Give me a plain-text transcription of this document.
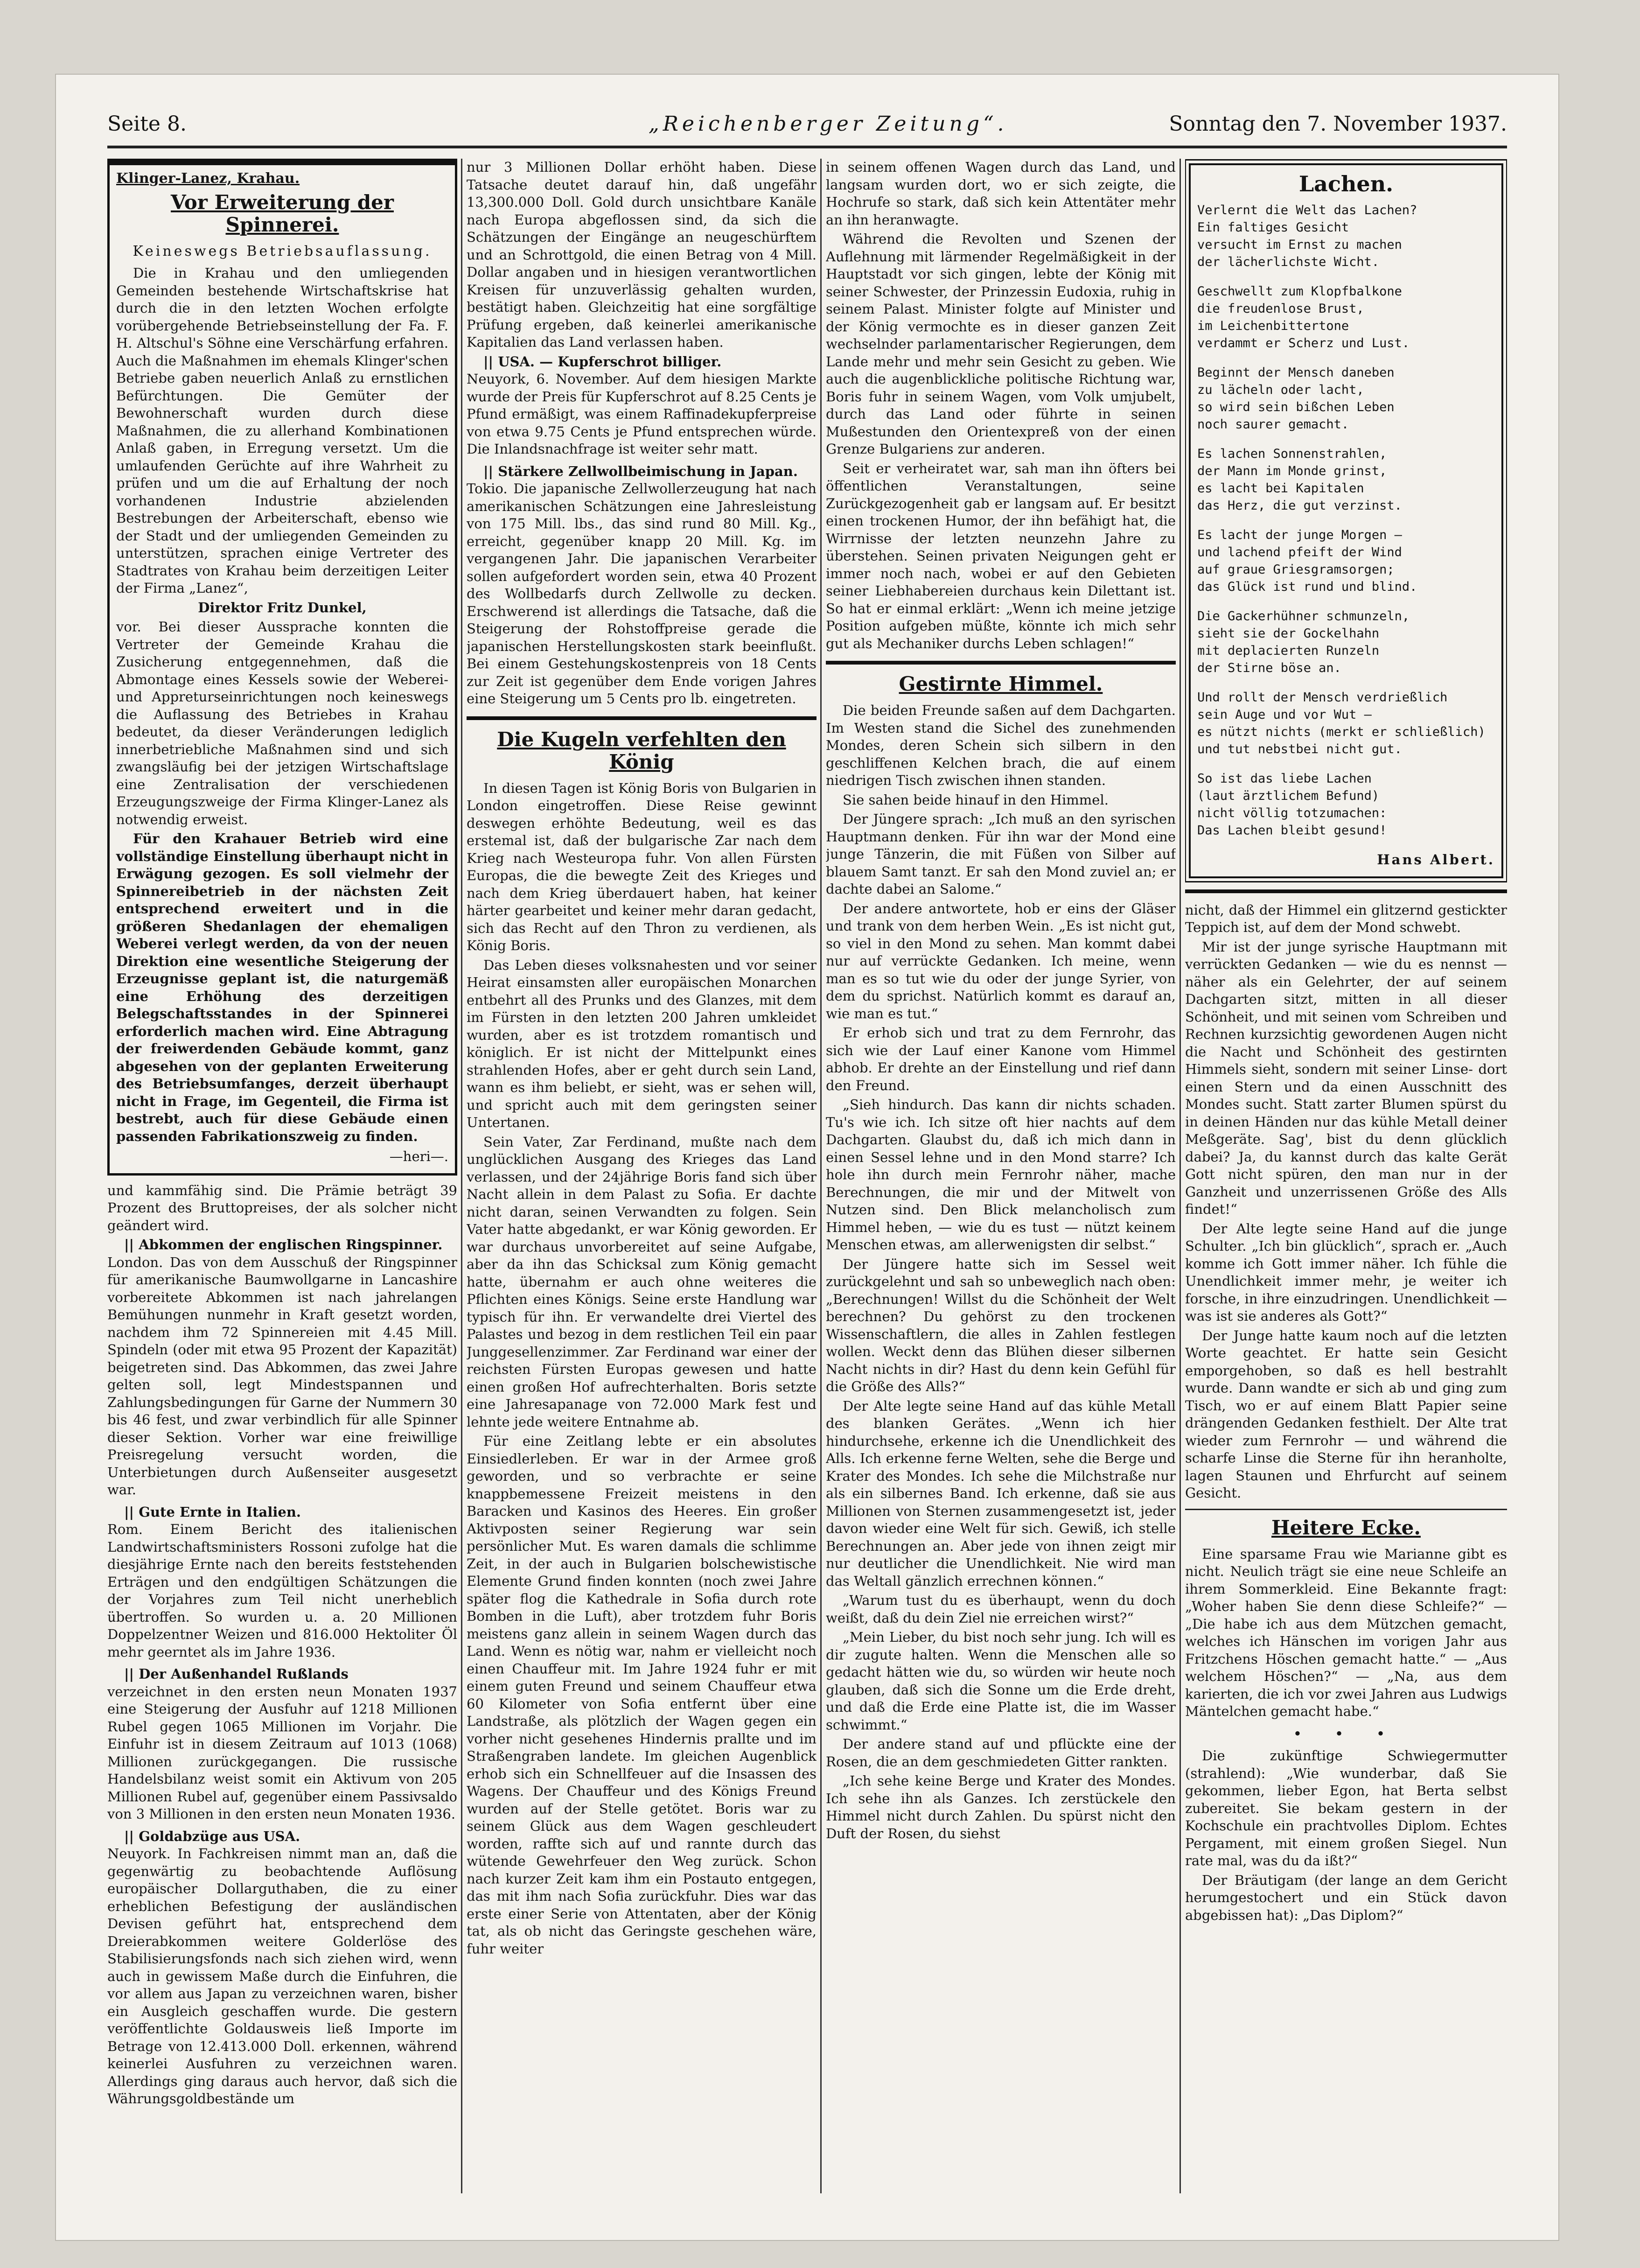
Seite 8.	„Reichenberger Zeitung“.	Sonntag den 7. November 1937.
Klinger-Lanez, Krahau.
Vor Erweiterung der Spinnerei.
Keineswegs Betriebsauflassung.

Die in Krahau und den umliegenden Gemeinden bestehende Wirtschaftskrise hat durch die in den letzten Wochen erfolgte vorübergehende Betriebseinstellung der Fa. F. H. Altschul's Söhne eine Verschärfung erfahren. Auch die Maßnahmen im ehemals Klinger'schen Betriebe gaben neuerlich Anlaß zu ernstlichen Befürchtungen. Die Gemüter der Bewohnerschaft wurden durch diese Maßnahmen, die zu allerhand Kombinationen Anlaß gaben, in Erregung versetzt. Um die umlaufenden Gerüchte auf ihre Wahrheit zu prüfen und um die auf Erhaltung der noch vorhandenen Industrie abzielenden Bestrebungen der Arbeiterschaft, ebenso wie der Stadt und der umliegenden Gemeinden zu unterstützen, sprachen einige Vertreter des Stadtrates von Krahau beim derzeitigen Leiter der Firma „Lanez“,

Direktor Fritz Dunkel,

vor. Bei dieser Aussprache konnten die Vertreter der Gemeinde Krahau die Zusicherung entgegennehmen, daß die Abmontage eines Kessels sowie der Weberei- und Appreturseinrichtungen noch keineswegs die Auflassung des Betriebes in Krahau bedeutet, da dieser Veränderungen lediglich innerbetriebliche Maßnahmen sind und sich zwangsläufig bei der jetzigen Wirtschaftslage eine Zentralisation der verschiedenen Erzeugungszweige der Firma Klinger-Lanez als notwendig erweist.

Für den Krahauer Betrieb wird eine vollständige Einstellung überhaupt nicht in Erwägung gezogen. Es soll vielmehr der Spinnereibetrieb in der nächsten Zeit entsprechend erweitert und in die größeren Shedanlagen der ehemaligen Weberei verlegt werden, da von der neuen Direktion eine wesentliche Steigerung der Erzeugnisse geplant ist, die naturgemäß eine Erhöhung des derzeitigen Belegschaftsstandes in der Spinnerei erforderlich machen wird. Eine Abtragung der freiwerdenden Gebäude kommt, ganz abgesehen von der geplanten Erweiterung des Betriebsumfanges, derzeit überhaupt nicht in Frage, im Gegenteil, die Firma ist bestrebt, auch für diese Gebäude einen passenden Fabrikationszweig zu finden.

—heri—.

und kammfähig sind. Die Prämie beträgt 39 Prozent des Bruttopreises, der als solcher nicht geändert wird.

|| Abkommen der englischen Ringspinner.
London. Das von dem Ausschuß der Ringspinner für amerikanische Baumwollgarne in Lancashire vorbereitete Abkommen ist nach jahrelangen Bemühungen nunmehr in Kraft gesetzt worden, nachdem ihm 72 Spinnereien mit 4.45 Mill. Spindeln (oder mit etwa 95 Prozent der Kapazität) beigetreten sind. Das Abkommen, das zwei Jahre gelten soll, legt Mindestspannen und Zahlungsbedingungen für Garne der Nummern 30 bis 46 fest, und zwar verbindlich für alle Spinner dieser Sektion. Vorher war eine freiwillige Preisregelung versucht worden, die Unterbietungen durch Außenseiter ausgesetzt war.
|| Gute Ernte in Italien.
Rom. Einem Bericht des italienischen Landwirtschaftsministers Rossoni zufolge hat die diesjährige Ernte nach den bereits feststehenden Erträgen und den endgültigen Schätzungen die der Vorjahres zum Teil nicht unerheblich übertroffen. So wurden u. a. 20 Millionen Doppelzentner Weizen und 816.000 Hektoliter Öl mehr geerntet als im Jahre 1936.
|| Der Außenhandel Rußlands
verzeichnet in den ersten neun Monaten 1937 eine Steigerung der Ausfuhr auf 1218 Millionen Rubel gegen 1065 Millionen im Vorjahr. Die Einfuhr ist in diesem Zeitraum auf 1013 (1068) Millionen zurückgegangen. Die russische Handelsbilanz weist somit ein Aktivum von 205 Millionen Rubel auf, gegenüber einem Passivsaldo von 3 Millionen in den ersten neun Monaten 1936.
|| Goldabzüge aus USA.
Neuyork. In Fachkreisen nimmt man an, daß die gegenwärtig zu beobachtende Auflösung europäischer Dollarguthaben, die zu einer erheblichen Befestigung der ausländischen Devisen geführt hat, entsprechend dem Dreierabkommen weitere Golderlöse des Stabilisierungsfonds nach sich ziehen wird, wenn auch in gewissem Maße durch die Einfuhren, die vor allem aus Japan zu verzeichnen waren, bisher ein Ausgleich geschaffen wurde. Die gestern veröffentlichte Goldausweis ließ Importe im Betrage von 12.413.000 Doll. erkennen, während keinerlei Ausfuhren zu verzeichnen waren. Allerdings ging daraus auch hervor, daß sich die Währungsgoldbestände um

nur 3 Millionen Dollar erhöht haben. Diese Tatsache deutet darauf hin, daß ungefähr 13,300.000 Doll. Gold durch unsichtbare Kanäle nach Europa abgeflossen sind, da sich die Schätzungen der Eingänge an neugeschürftem und an Schrottgold, die einen Betrag von 4 Mill. Dollar angaben und in hiesigen verantwortlichen Kreisen für unzuverlässig gehalten wurden, bestätigt haben. Gleichzeitig hat eine sorgfältige Prüfung ergeben, daß keinerlei amerikanische Kapitalien das Land verlassen haben.

|| USA. — Kupferschrot billiger.
Neuyork, 6. November. Auf dem hiesigen Markte wurde der Preis für Kupferschrot auf 8.25 Cents je Pfund ermäßigt, was einem Raffinadekupferpreise von etwa 9.75 Cents je Pfund entsprechen würde. Die Inlandsnachfrage ist weiter sehr matt.
|| Stärkere Zellwollbeimischung in Japan.
Tokio. Die japanische Zellwollerzeugung hat nach amerikanischen Schätzungen eine Jahresleistung von 175 Mill. lbs., das sind rund 80 Mill. Kg., erreicht, gegenüber knapp 20 Mill. Kg. im vergangenen Jahr. Die japanischen Verarbeiter sollen aufgefordert worden sein, etwa 40 Prozent des Wollbedarfs durch Zellwolle zu decken. Erschwerend ist allerdings die Tatsache, daß die Steigerung der Rohstoffpreise gerade die japanischen Herstellungskosten stark beeinflußt. Bei einem Gestehungskostenpreis von 18 Cents zur Zeit ist gegenüber dem Ende vorigen Jahres eine Steigerung um 5 Cents pro lb. eingetreten.
Die Kugeln verfehlten den König

In diesen Tagen ist König Boris von Bulgarien in London eingetroffen. Diese Reise gewinnt deswegen erhöhte Bedeutung, weil es das erstemal ist, daß der bulgarische Zar nach dem Krieg nach Westeuropa fuhr. Von allen Fürsten Europas, die die bewegte Zeit des Krieges und nach dem Krieg überdauert haben, hat keiner härter gearbeitet und keiner mehr daran gedacht, sich das Recht auf den Thron zu verdienen, als König Boris.

Das Leben dieses volksnahesten und vor seiner Heirat einsamsten aller europäischen Monarchen entbehrt all des Prunks und des Glanzes, mit dem im Fürsten in den letzten 200 Jahren umkleidet wurden, aber es ist trotzdem romantisch und königlich. Er ist nicht der Mittelpunkt eines strahlenden Hofes, aber er geht durch sein Land, wann es ihm beliebt, er sieht, was er sehen will, und spricht auch mit dem geringsten seiner Untertanen.

Sein Vater, Zar Ferdinand, mußte nach dem unglücklichen Ausgang des Krieges das Land verlassen, und der 24jährige Boris fand sich über Nacht allein in dem Palast zu Sofia. Er dachte nicht daran, seinen Verwandten zu folgen. Sein Vater hatte abgedankt, er war König geworden. Er war durchaus unvorbereitet auf seine Aufgabe, aber da ihn das Schicksal zum König gemacht hatte, übernahm er auch ohne weiteres die Pflichten eines Königs. Seine erste Handlung war typisch für ihn. Er verwandelte drei Viertel des Palastes und bezog in dem restlichen Teil ein paar Junggesellenzimmer. Zar Ferdinand war einer der reichsten Fürsten Europas gewesen und hatte einen großen Hof aufrechterhalten. Boris setzte eine Jahresapanage von 72.000 Mark fest und lehnte jede weitere Entnahme ab.

Für eine Zeitlang lebte er ein absolutes Einsiedlerleben. Er war in der Armee groß geworden, und so verbrachte er seine knappbemessene Freizeit meistens in den Baracken und Kasinos des Heeres. Ein großer Aktivposten seiner Regierung war sein persönlicher Mut. Es waren damals die schlimme Zeit, in der auch in Bulgarien bolschewistische Elemente Grund finden konnten (noch zwei Jahre später flog die Kathedrale in Sofia durch rote Bomben in die Luft), aber trotzdem fuhr Boris meistens ganz allein in seinem Wagen durch das Land. Wenn es nötig war, nahm er vielleicht noch einen Chauffeur mit. Im Jahre 1924 fuhr er mit einem guten Freund und seinem Chauffeur etwa 60 Kilometer von Sofia entfernt über eine Landstraße, als plötzlich der Wagen gegen ein vorher nicht gesehenes Hindernis prallte und im Straßengraben landete. Im gleichen Augenblick erhob sich ein Schnellfeuer auf die Insassen des Wagens. Der Chauffeur und des Königs Freund wurden auf der Stelle getötet. Boris war zu seinem Glück aus dem Wagen geschleudert worden, raffte sich auf und rannte durch das wütende Gewehrfeuer den Weg zurück. Schon nach kurzer Zeit kam ihm ein Postauto entgegen, das mit ihm nach Sofia zurückfuhr. Dies war das erste einer Serie von Attentaten, aber der König tat, als ob nicht das Geringste geschehen wäre, fuhr weiter

in seinem offenen Wagen durch das Land, und langsam wurden dort, wo er sich zeigte, die Hochrufe so stark, daß sich kein Attentäter mehr an ihn heranwagte.

Während die Revolten und Szenen der Auflehnung mit lärmender Regelmäßigkeit in der Hauptstadt vor sich gingen, lebte der König mit seiner Schwester, der Prinzessin Eudoxia, ruhig in seinem Palast. Minister folgte auf Minister und der König vermochte es in dieser ganzen Zeit wechselnder parlamentarischer Regierungen, dem Lande mehr und mehr sein Gesicht zu geben. Wie auch die augenblickliche politische Richtung war, Boris fuhr in seinem Wagen, vom Volk umjubelt, durch das Land oder führte in seinen Mußestunden den Orientexpreß von der einen Grenze Bulgariens zur anderen.

Seit er verheiratet war, sah man ihn öfters bei öffentlichen Veranstaltungen, seine Zurückgezogenheit gab er langsam auf. Er besitzt einen trockenen Humor, der ihn befähigt hat, die Wirrnisse der letzten neunzehn Jahre zu überstehen. Seinen privaten Neigungen geht er immer noch nach, wobei er auf den Gebieten seiner Liebhabereien durchaus kein Dilettant ist. So hat er einmal erklärt: „Wenn ich meine jetzige Position aufgeben müßte, könnte ich mich sehr gut als Mechaniker durchs Leben schlagen!“

Gestirnte Himmel.

Die beiden Freunde saßen auf dem Dachgarten. Im Westen stand die Sichel des zunehmenden Mondes, deren Schein sich silbern in den geschliffenen Kelchen brach, die auf einem niedrigen Tisch zwischen ihnen standen.

Sie sahen beide hinauf in den Himmel.

Der Jüngere sprach: „Ich muß an den syrischen Hauptmann denken. Für ihn war der Mond eine junge Tänzerin, die mit Füßen von Silber auf blauem Samt tanzt. Er sah den Mond zuviel an; er dachte dabei an Salome.“

Der andere antwortete, hob er eins der Gläser und trank von dem herben Wein. „Es ist nicht gut, so viel in den Mond zu sehen. Man kommt dabei nur auf verrückte Gedanken. Ich meine, wenn man es so tut wie du oder der junge Syrier, von dem du sprichst. Natürlich kommt es darauf an, wie man es tut.“

Er erhob sich und trat zu dem Fernrohr, das sich wie der Lauf einer Kanone vom Himmel abhob. Er drehte an der Einstellung und rief dann den Freund.

„Sieh hindurch. Das kann dir nichts schaden. Tu's wie ich. Ich sitze oft hier nachts auf dem Dachgarten. Glaubst du, daß ich mich dann in einen Sessel lehne und in den Mond starre? Ich hole ihn durch mein Fernrohr näher, mache Berechnungen, die mir und der Mitwelt von Nutzen sind. Den Blick melancholisch zum Himmel heben, — wie du es tust — nützt keinem Menschen etwas, am allerwenigsten dir selbst.“

Der Jüngere hatte sich im Sessel weit zurückgelehnt und sah so unbeweglich nach oben: „Berechnungen! Willst du die Schönheit der Welt berechnen? Du gehörst zu den trockenen Wissenschaftlern, die alles in Zahlen festlegen wollen. Weckt denn das Blühen dieser silbernen Nacht nichts in dir? Hast du denn kein Gefühl für die Größe des Alls?“

Der Alte legte seine Hand auf das kühle Metall des blanken Gerätes. „Wenn ich hier hindurchsehe, erkenne ich die Unendlichkeit des Alls. Ich erkenne ferne Welten, sehe die Berge und Krater des Mondes. Ich sehe die Milchstraße nur als ein silbernes Band. Ich erkenne, daß sie aus Millionen von Sternen zusammengesetzt ist, jeder davon wieder eine Welt für sich. Gewiß, ich stelle Berechnungen an. Aber jede von ihnen zeigt mir nur deutlicher die Unendlichkeit. Nie wird man das Weltall gänzlich errechnen können.“

„Warum tust du es überhaupt, wenn du doch weißt, daß du dein Ziel nie erreichen wirst?“

„Mein Lieber, du bist noch sehr jung. Ich will es dir zugute halten. Wenn die Menschen alle so gedacht hätten wie du, so würden wir heute noch glauben, daß sich die Sonne um die Erde dreht, und daß die Erde eine Platte ist, die im Wasser schwimmt.“

Der andere stand auf und pflückte eine der Rosen, die an dem geschmiedeten Gitter rankten.

„Ich sehe keine Berge und Krater des Mondes. Ich sehe ihn als Ganzes. Ich zerstückele den Himmel nicht durch Zahlen. Du spürst nicht den Duft der Rosen, du siehst

Lachen.
Verlernt die Welt das Lachen?
Ein faltiges Gesicht
versucht im Ernst zu machen
der lächerlichste Wicht.
Geschwellt zum Klopfbalkone
die freudenlose Brust,
im Leichenbittertone
verdammt er Scherz und Lust.
Beginnt der Mensch daneben
zu lächeln oder lacht,
so wird sein bißchen Leben
noch saurer gemacht.
Es lachen Sonnenstrahlen,
der Mann im Monde grinst,
es lacht bei Kapitalen
das Herz, die gut verzinst.
Es lacht der junge Morgen —
und lachend pfeift der Wind
auf graue Griesgramsorgen;
das Glück ist rund und blind.
Die Gackerhühner schmunzeln,
sieht sie der Gockelhahn
mit deplacierten Runzeln
der Stirne böse an.
Und rollt der Mensch verdrießlich
sein Auge und vor Wut —
es nützt nichts (merkt er schließlich)
und tut nebstbei nicht gut.
So ist das liebe Lachen
(laut ärztlichem Befund)
nicht völlig totzumachen:
Das Lachen bleibt gesund!
Hans Albert.

nicht, daß der Himmel ein glitzernd gestickter Teppich ist, auf dem der Mond schwebt.

Mir ist der junge syrische Hauptmann mit verrückten Gedanken — wie du es nennst — näher als ein Gelehrter, der auf seinem Dachgarten sitzt, mitten in all dieser Schönheit, und mit seinen vom Schreiben und Rechnen kurzsichtig gewordenen Augen nicht die Nacht und Schönheit des gestirnten Himmels sieht, sondern mit seiner Linse- dort einen Stern und da einen Ausschnitt des Mondes sucht. Statt zarter Blumen spürst du in deinen Händen nur das kühle Metall deiner Meßgeräte. Sag', bist du denn glücklich dabei? Ja, du kannst durch das kalte Gerät Gott nicht spüren, den man nur in der Ganzheit und unzerrissenen Größe des Alls findet!“

Der Alte legte seine Hand auf die junge Schulter. „Ich bin glücklich“, sprach er. „Auch komme ich Gott immer näher. Ich fühle die Unendlichkeit immer mehr, je weiter ich forsche, in ihre einzudringen. Unendlichkeit — was ist sie anderes als Gott?“

Der Junge hatte kaum noch auf die letzten Worte geachtet. Er hatte sein Gesicht emporgehoben, so daß es hell bestrahlt wurde. Dann wandte er sich ab und ging zum Tisch, wo er auf einem Blatt Papier seine drängenden Gedanken festhielt. Der Alte trat wieder zum Fernrohr — und während die scharfe Linse die Sterne für ihn heranholte, lagen Staunen und Ehrfurcht auf seinem Gesicht.

Heitere Ecke.

Eine sparsame Frau wie Marianne gibt es nicht. Neulich trägt sie eine neue Schleife an ihrem Sommerkleid. Eine Bekannte fragt: „Woher haben Sie denn diese Schleife?“ — „Die habe ich aus dem Mützchen gemacht, welches ich Hänschen im vorigen Jahr aus Fritzchens Höschen gemacht hatte.“ — „Aus welchem Höschen?“ — „Na, aus dem karierten, die ich vor zwei Jahren aus Ludwigs Mäntelchen gemacht habe.“

• • •

Die zukünftige Schwiegermutter (strahlend): „Wie wunderbar, daß Sie gekommen, lieber Egon, hat Berta selbst zubereitet. Sie bekam gestern in der Kochschule ein prachtvolles Diplom. Echtes Pergament, mit einem großen Siegel. Nun rate mal, was du da ißt?“

Der Bräutigam (der lange an dem Gericht herumgestochert und ein Stück davon abgebissen hat): „Das Diplom?“
